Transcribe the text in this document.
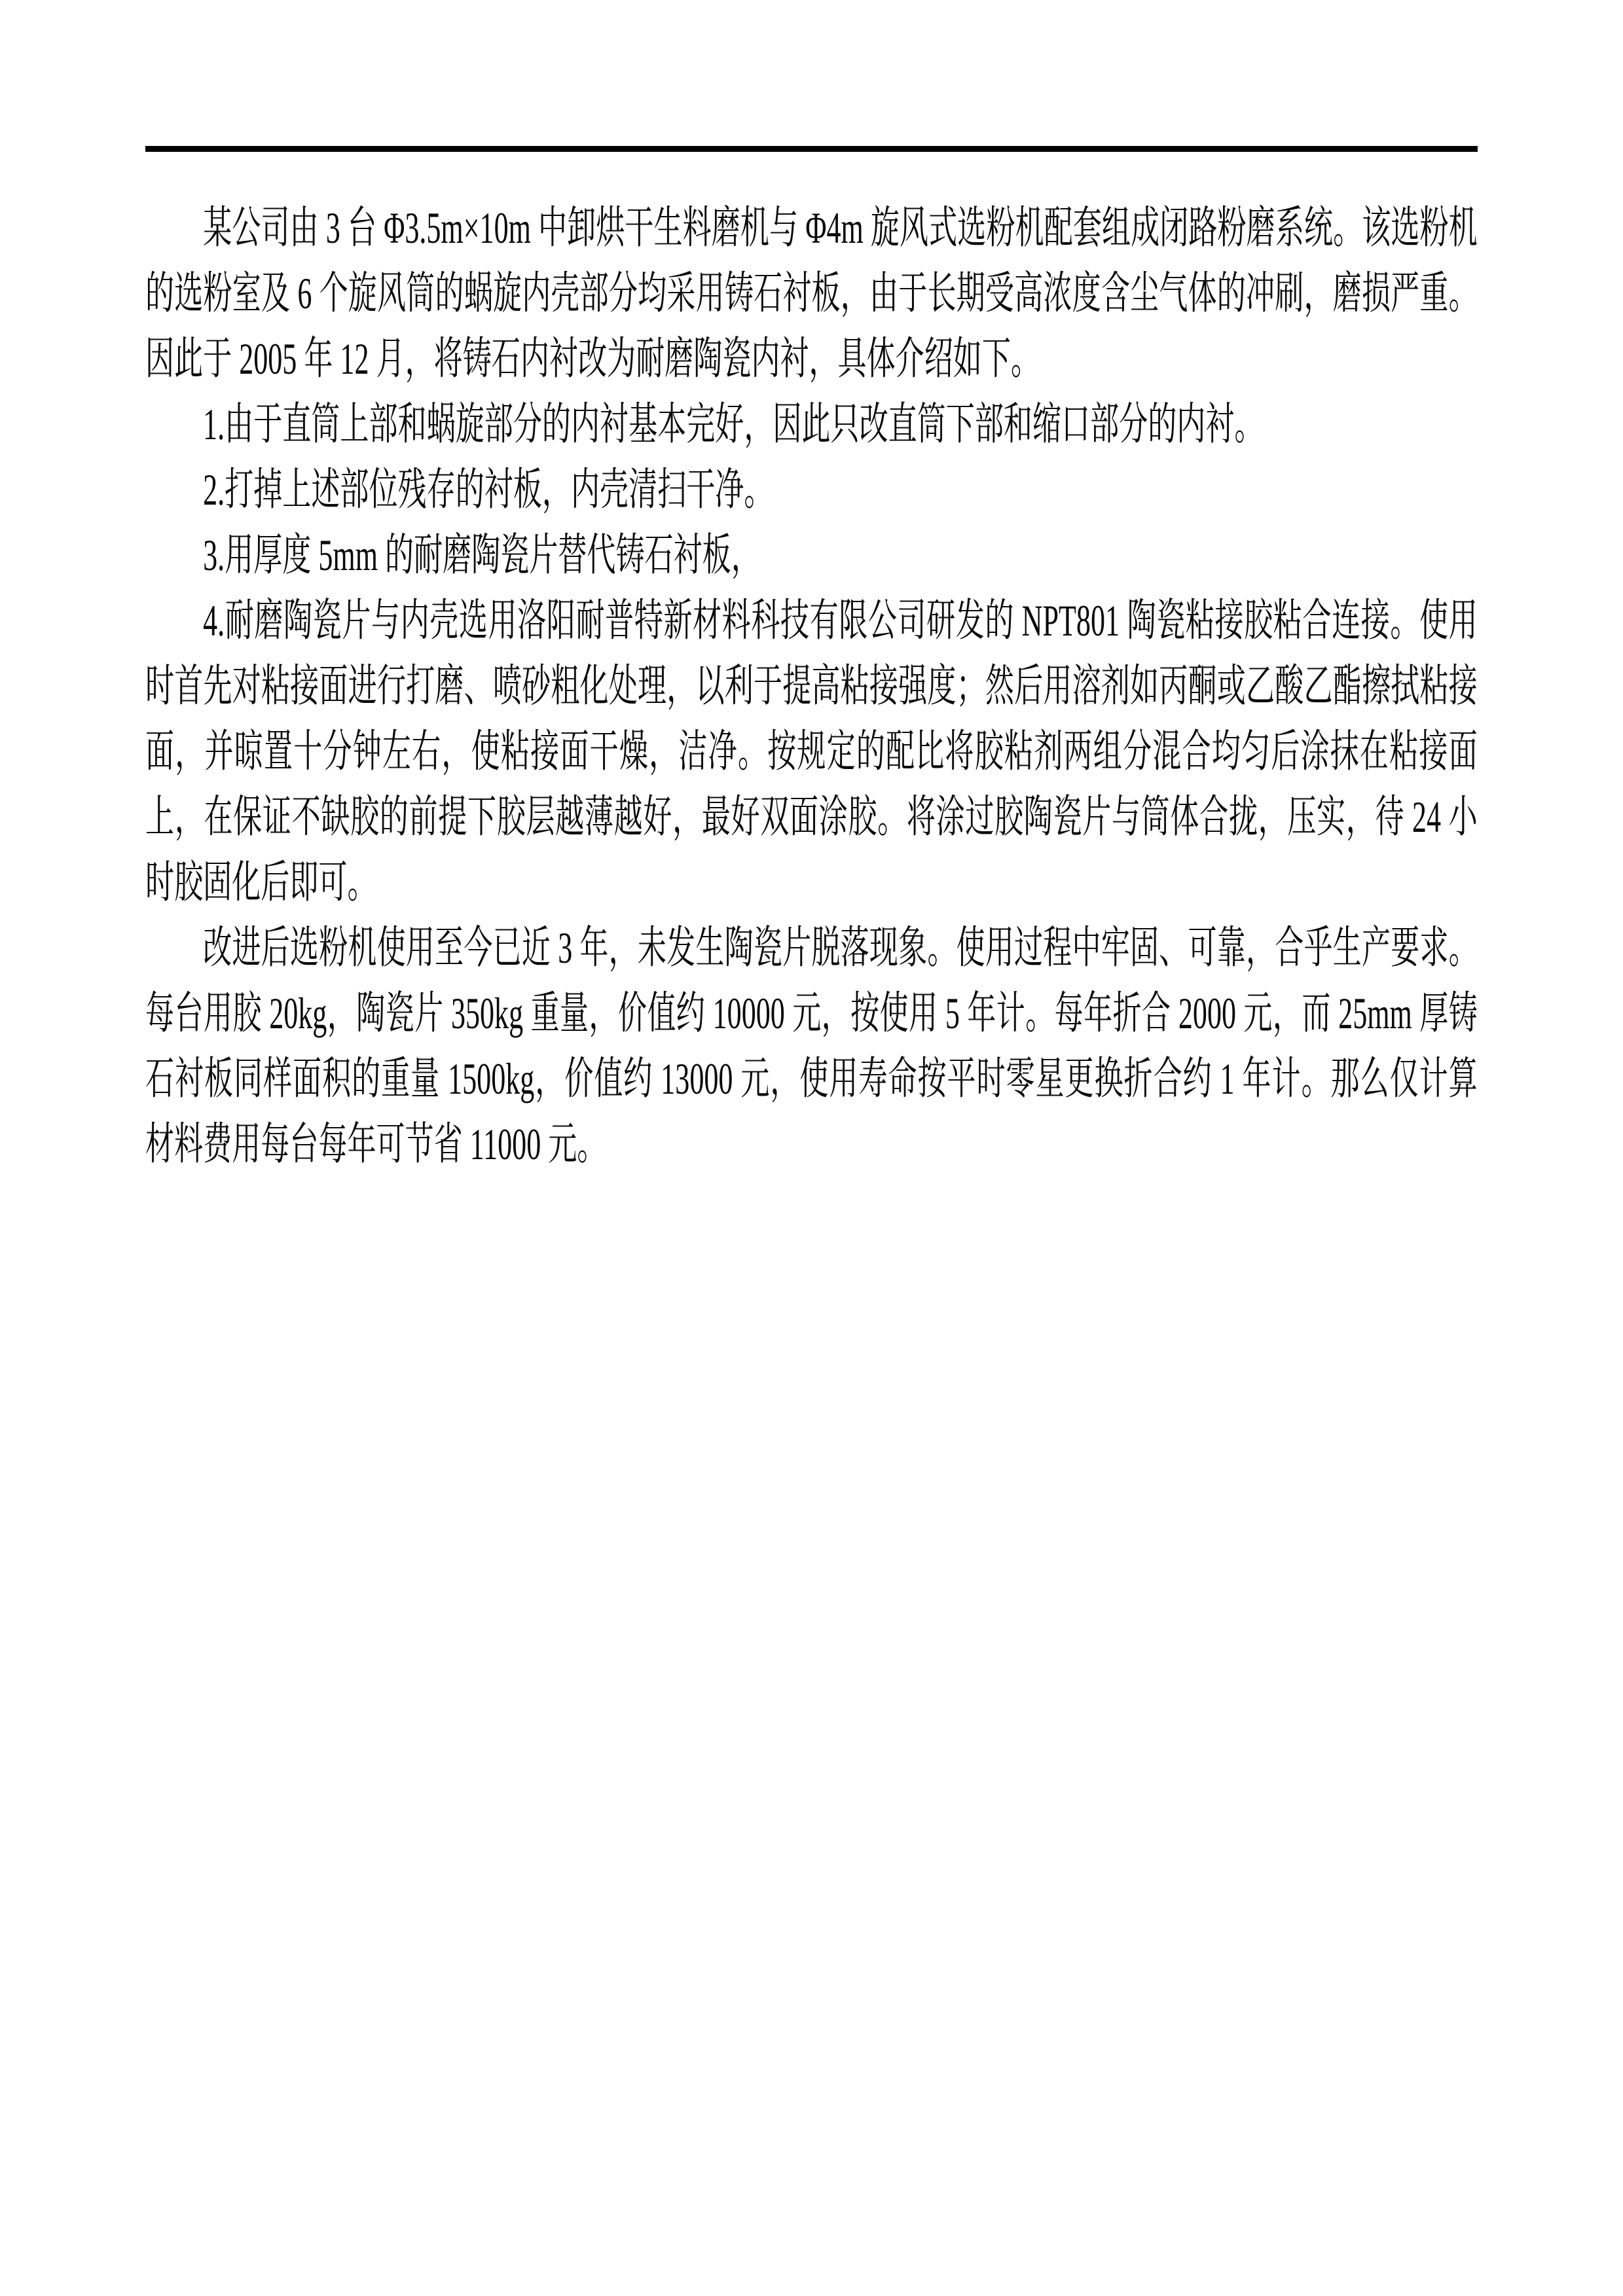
某公司由 3 台 Φ3.5m×10m 中卸烘干生料磨机与 Φ4m 旋风式选粉机配套组成闭路粉磨系统。该选粉机的选粉室及 6 个旋风筒的蜗旋内壳部分均采用铸石衬板，由于长期受高浓度含尘气体的冲刷，磨损严重。因此于 2005 年 12 月，将铸石内衬改为耐磨陶瓷内衬，具体介绍如下。

1.由于直筒上部和蜗旋部分的内衬基本完好，因此只改直筒下部和缩口部分的内衬。

2.打掉上述部位残存的衬板，内壳清扫干净。

3.用厚度 5mm 的耐磨陶瓷片替代铸石衬板，

4.耐磨陶瓷片与内壳选用洛阳耐普特新材料科技有限公司研发的 NPT801 陶瓷粘接胶粘合连接。使用时首先对粘接面进行打磨、喷砂粗化处理，以利于提高粘接强度；然后用溶剂如丙酮或乙酸乙酯擦拭粘接面，并晾置十分钟左右，使粘接面干燥，洁净。按规定的配比将胶粘剂两组分混合均匀后涂抹在粘接面上，在保证不缺胶的前提下胶层越薄越好，最好双面涂胶。将涂过胶陶瓷片与筒体合拢，压实，待 24 小时胶固化后即可。

改进后选粉机使用至今已近 3 年，未发生陶瓷片脱落现象。使用过程中牢固、可靠，合乎生产要求。每台用胶 20kg，陶瓷片 350kg 重量，价值约 10000 元，按使用 5 年计。每年折合 2000 元，而 25mm 厚铸石衬板同样面积的重量 1500kg，价值约 13000 元，使用寿命按平时零星更换折合约 1 年计。那么仅计算材料费用每台每年可节省 11000 元。
